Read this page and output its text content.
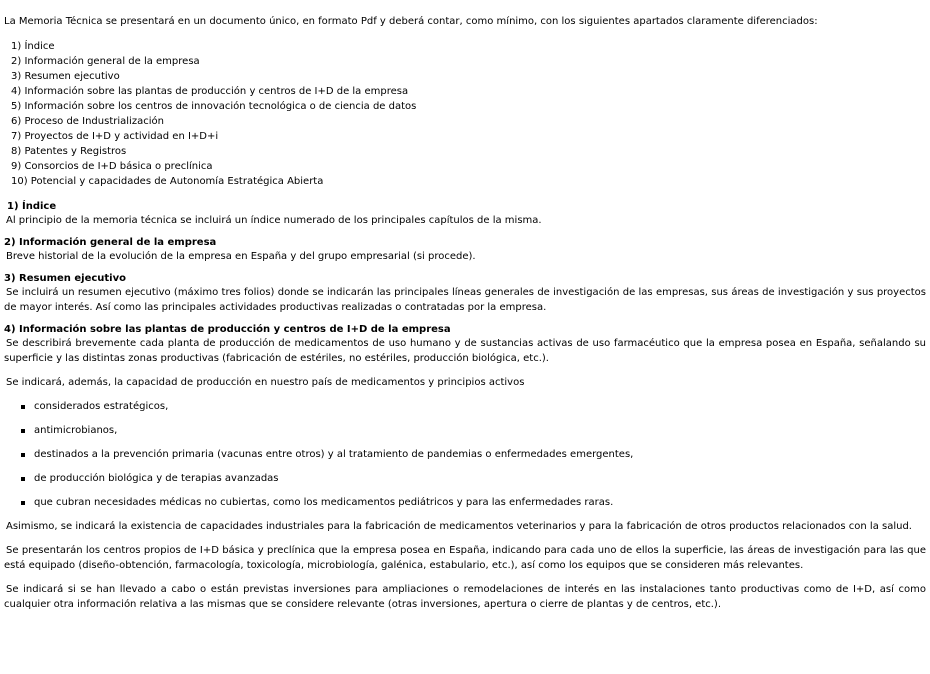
La Memoria Técnica se presentará en un documento único, en formato Pdf y deberá contar, como mínimo, con los siguientes apartados claramente diferenciados:

1) Índice
2) Información general de la empresa
3) Resumen ejecutivo
4) Información sobre las plantas de producción y centros de I+D de la empresa
5) Información sobre los centros de innovación tecnológica o de ciencia de datos
6) Proceso de Industrialización
7) Proyectos de I+D y actividad en I+D+i
8) Patentes y Registros
9) Consorcios de I+D básica o preclínica
10) Potencial y capacidades de Autonomía Estratégica Abierta

1) Índice

Al principio de la memoria técnica se incluirá un índice numerado de los principales capítulos de la misma.

2) Información general de la empresa

Breve historial de la evolución de la empresa en España y del grupo empresarial (si procede).

3) Resumen ejecutivo

Se incluirá un resumen ejecutivo (máximo tres folios) donde se indicarán las principales líneas generales de investigación de las empresas, sus áreas de investigación y sus proyectos de mayor interés. Así como las principales actividades productivas realizadas o contratadas por la empresa.

4) Información sobre las plantas de producción y centros de I+D de la empresa

Se describirá brevemente cada planta de producción de medicamentos de uso humano y de sustancias activas de uso farmacéutico que la empresa posea en España, señalando su superficie y las distintas zonas productivas (fabricación de estériles, no estériles, producción biológica, etc.).

Se indicará, además, la capacidad de producción en nuestro país de medicamentos y principios activos

considerados estratégicos,
antimicrobianos,
destinados a la prevención primaria (vacunas entre otros) y al tratamiento de pandemias o enfermedades emergentes,
de producción biológica y de terapias avanzadas
que cubran necesidades médicas no cubiertas, como los medicamentos pediátricos y para las enfermedades raras.

Asimismo, se indicará la existencia de capacidades industriales para la fabricación de medicamentos veterinarios y para la fabricación de otros productos relacionados con la salud.

Se presentarán los centros propios de I+D básica y preclínica que la empresa posea en España, indicando para cada uno de ellos la superficie, las áreas de investigación para las que está equipado (diseño-obtención, farmacología, toxicología, microbiología, galénica, estabulario, etc.), así como los equipos que se consideren más relevantes.

Se indicará si se han llevado a cabo o están previstas inversiones para ampliaciones o remodelaciones de interés en las instalaciones tanto productivas como de I+D, así como cualquier otra información relativa a las mismas que se considere relevante (otras inversiones, apertura o cierre de plantas y de centros, etc.).
